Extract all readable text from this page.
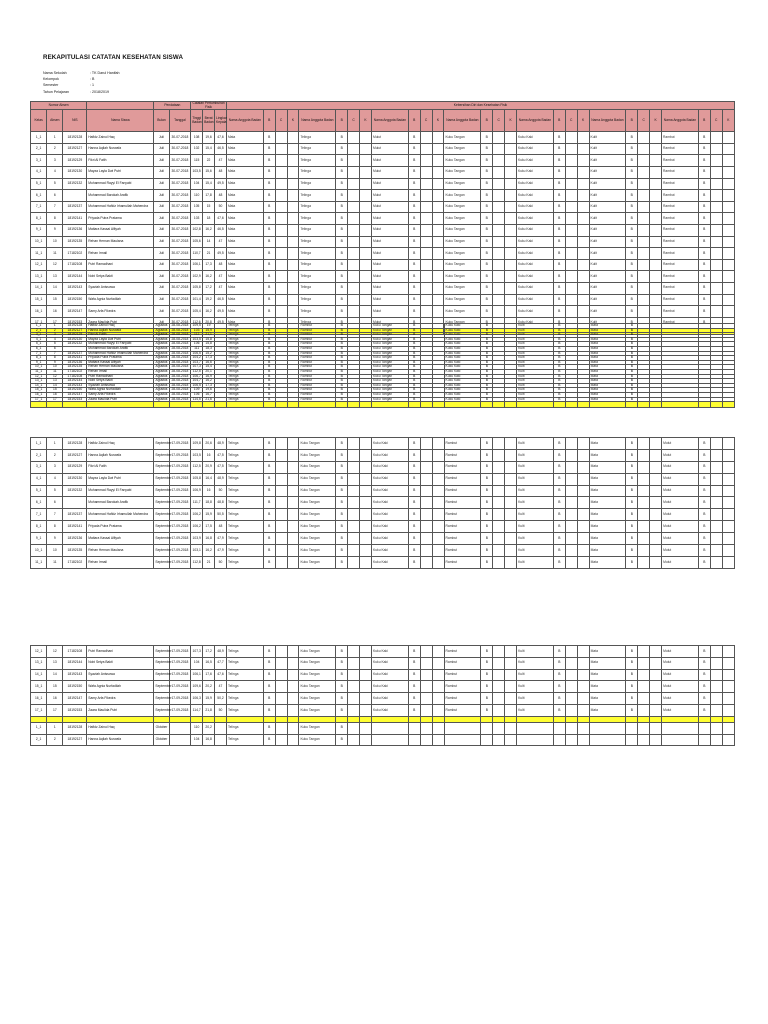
REKAPITULASI CATATAN KESEHATAN SISWA
Nama Sekolah	: TK Darul Hanifah
Kelompok	: B
Semester	: 1
Tahun Pelajaran	: 2018/2019
Nomor Absen				Pendataan		Catatan Pertumbuhan Fisik			Kebersihan Diri dan Kesehatan Fisik																											
Kelas	Absen	NIS	Nama Siswa	Bulan	Tanggal	Tinggi Badan	Berat Badan	Lingkar Kepala	Nama Anggota Badan	B	C	K	Nama Anggota Badan	B	C	K	Nama Anggota Badan	B	C	K	Nama Anggota Badan	B	C	K	Nama Anggota Badan	B	C	K	Nama Anggota Badan	B	C	K	Nama Anggota Badan	B	C	K
1_1	1	18192128	Hafidz Zainul Haq	Juli	30-07-2018	108	19,6	47,6	Mata	B			Telinga	B			Mulut	B			Kuku Tangan	B			Kuku Kaki	B			Kulit	B			Rambut	B		
2_1	2	18192127	Hanna Aqilah Nurwafa	Juli	30-07-2018	102	15,4	46,5	Mata	B			Telinga	B			Mulut	B			Kuku Tangan	B			Kuku Kaki	B			Kulit	B			Rambut	B		
3_1	3	18192129	Fikri Al Fatih	Juli	30-07-2018	115	22	47	Mata	B			Telinga	B			Mulut	B			Kuku Tangan	B			Kuku Kaki	B			Kulit	B			Rambut	B		
4_1	4	18192130	Mayza Layla Dwi Putri	Juli	30-07-2018	103,5	15,6	48	Mata	B			Telinga	B			Mulut	B			Kuku Tangan	B			Kuku Kaki	B			Kulit	B			Rambut	B		
5_1	5	18192132	Muhammad Rayyi El Fanyabi	Juli	30-07-2018	104	15,4	49,5	Mata	B			Telinga	B			Mulut	B			Kuku Tangan	B			Kuku Kaki	B			Kulit	B			Rambut	B		
6_1	6		Muhammad Barokah Arafik	Juli	30-07-2018	110	17,8	48	Mata	B			Telinga	B			Mulut	B			Kuku Tangan	B			Kuku Kaki	B			Kulit	B			Rambut	B		
7_1	7	18192137	Muhammad Hafidz Irhamullah Mahendra	Juli	30-07-2018	105	15	50	Mata	B			Telinga	B			Mulut	B			Kuku Tangan	B			Kuku Kaki	B			Kulit	B			Rambut	B		
8_1	8	18192141	Priyada Putra Pratama	Juli	30-07-2018	103	18	47,6	Mata	B			Telinga	B			Mulut	B			Kuku Tangan	B			Kuku Kaki	B			Kulit	B			Rambut	B		
9_1	9	18192136	Maitara Kassai Alfiyah	Juli	30-07-2018	102,8	16,2	46,5	Mata	B			Telinga	B			Mulut	B			Kuku Tangan	B			Kuku Kaki	B			Kulit	B			Rambut	B		
10_1	10	18192135	Rehan Hernan Maulana	Juli	30-07-2018	105,6	14	47	Mata	B			Telinga	B			Mulut	B			Kuku Tangan	B			Kuku Kaki	B			Kulit	B			Rambut	B		
11_1	11	17182102	Rehan Irmail	Juli	30-07-2018	110,7	21	49,5	Mata	B			Telinga	B			Mulut	B			Kuku Tangan	B			Kuku Kaki	B			Kulit	B			Rambut	B		
12_1	12	17182108	Putri Ramadhani	Juli	30-07-2018	106,1	17,3	48	Mata	B			Telinga	B			Mulut	B			Kuku Tangan	B			Kuku Kaki	B			Kulit	B			Rambut	B		
13_1	13	18192144	Nobi Setya Bakti	Juli	30-07-2018	102,9	16,2	47	Mata	B			Telinga	B			Mulut	B			Kuku Tangan	B			Kuku Kaki	B			Kulit	B			Rambut	B		
14_1	14	18192143	Syaziah Anissowa	Juli	30-07-2018	105,8	17,2	47	Mata	B			Telinga	B			Mulut	B			Kuku Tangan	B			Kuku Kaki	B			Kulit	B			Rambut	B		
15_1	15	18192150	Wafa Agnia Nurfadilah	Juli	30-07-2018	101,4	19,2	46,5	Mata	B			Telinga	B			Mulut	B			Kuku Tangan	B			Kuku Kaki	B			Kulit	B			Rambut	B		
16_1	16	18192147	Samy Arfa Fikedra	Juli	30-07-2018	105,4	16,2	49,5	Mata	B			Telinga	B			Mulut	B			Kuku Tangan	B			Kuku Kaki	B			Kulit	B			Rambut	B		
17_1	17	18192153	Zaara Maulida Putri	Juli	30-07-2018	112,6	20,8	49,5	Mata	B			Telinga	B			Mulut	B			Kuku Tangan	B			Kuku Kaki	B			Kulit	B			Rambut	B		

1_1	1	18192128	Hafidz Zainul Haq	Agustus	28-08-2018	109,5	19		Telinga	B			Rambut	B			Kuku Tangan	B			Kuku Kaki	B			Kulit	B			Mata	B						
2_1	2	18192127	Hanna Aqilah Nurwafa	Agustus	28-08-2018	103	15,9		Telinga	B			Rambut	B			Kuku Tangan	B			Kuku Kaki	B			Kulit	B			Mata	B						
3_1	3	18192129	Fikri Al Fatih	Agustus	28-08-2018	112	21,1		Telinga	B			Rambut	B			Kuku Tangan	B			Kuku Kaki	B			Kulit	B			Mata	B						
4_1	4	18192130	Mayza Layla Dwi Putri	Agustus	28-08-2018	103,5	15,8		Telinga	B			Rambut	B			Kuku Tangan	B			Kuku Kaki	B			Kulit	B			Mata	B						
5_1	5	18192132	Muhammad Rayyi El Fanyabi	Agustus	28-08-2018	106	15,8		Telinga	B			Rambut	B			Kuku Tangan	B			Kuku Kaki	B			Kulit	B			Mata	B						
6_1	6		Muhammad Barokah Arafik	Agustus	28-08-2018	111	18,3		Telinga	B			Rambut	B			Kuku Tangan	B			Kuku Kaki	B			Kulit	B			Mata	B						
7_1	7	18192137	Muhammad Hafidz Irhamullah Mahendra	Agustus	28-08-2018	106,5	15,2		Telinga	B			Rambut	B			Kuku Tangan	B			Kuku Kaki	B			Kulit	B			Mata	B						
8_1	8	18192141	Priyada Putra Pratama	Agustus	28-08-2018	104,2	17,3		Telinga	B			Rambut	B			Kuku Tangan	B			Kuku Kaki	B			Kulit	B			Mata	B						
9_1	9	18192136	Maitara Kassai Alfiyah	Agustus	28-08-2018	103,7	16,6		Telinga	B			Rambut	B			Kuku Tangan	B			Kuku Kaki	B			Kulit	B			Mata	B						
10_1	10	18192135	Rehan Hernan Maulana	Agustus	28-08-2018	107,3	15,4		Telinga	B			Rambut	B			Kuku Tangan	B			Kuku Kaki	B			Kulit	B			Mata	B						
11_1	11	17182102	Rehan Irmail	Agustus	28-08-2018	112,5	20,1		Telinga	B			Rambut	B			Kuku Tangan	B			Kuku Kaki	B			Kulit	B			Mata	B						
12_1	12	17182108	Putri Ramadhani	Agustus	28-08-2018	106,7	16,9		Telinga	B			Rambut	B			Kuku Tangan	B			Kuku Kaki	B			Kulit	B			Mata	B						
13_1	13	18192144	Nobi Setya Bakti	Agustus	28-08-2018	104,7	16,2		Telinga	B			Rambut	B			Kuku Tangan	B			Kuku Kaki	B			Kulit	B			Mata	B						
14_1	14	18192143	Syaziah Anissowa	Agustus	28-08-2018	106,5	17,3		Telinga	B			Rambut	B			Kuku Tangan	B			Kuku Kaki	B			Kulit	B			Mata	B						
15_1	15	18192150	Wafa Agnia Nurfadilah	Agustus	28-08-2018	109	19,6		Telinga	B			Rambut	B			Kuku Tangan	B			Kuku Kaki	B			Kulit	B			Mata	B						
16_1	16	18192147	Samy Arfa Fikedra	Agustus	28-08-2018	106	16,7		Telinga	B			Rambut	B			Kuku Tangan	B			Kuku Kaki	B			Kulit	B			Mata	B						
17_1	17	18192153	Zaara Maulida Putri	Agustus	28-08-2018	114,5	21,6		Telinga	B			Rambut	B			Kuku Tangan	B			Kuku Kaki	B			Kulit	B			Mata	B						

1_1	1	18192128	Hafidz Zainul Haq	September	17-09-2018	109,8	20,6	48,9	Telinga	B			Kuku Tangan	B			Kuku Kaki	B			Rambut	B			Kulit	B			Mata	B			Mulut	B		
2_1	2	18192127	Hanna Aqilah Nurwafa	September	17-09-2018	103,5	16	47,5	Telinga	B			Kuku Tangan	B			Kuku Kaki	B			Rambut	B			Kulit	B			Mata	B			Mulut	B		
3_1	3	18192129	Fikri Al Fatih	September	17-09-2018	112,5	20,9	47,5	Telinga	B			Kuku Tangan	B			Kuku Kaki	B			Rambut	B			Kulit	B			Mata	B			Mulut	B		
4_1	4	18192130	Mayza Layla Dwi Putri	September	17-09-2018	105,8	16,4	48,9	Telinga	B			Kuku Tangan	B			Kuku Kaki	B			Rambut	B			Kulit	B			Mata	B			Mulut	B		
5_1	5	18192132	Muhammad Rayyi El Fanyabi	September	17-09-2018	106,9	16	50	Telinga	B			Kuku Tangan	B			Kuku Kaki	B			Rambut	B			Kulit	B			Mata	B			Mulut	B		
6_1	6		Muhammad Barokah Arafik	September	17-09-2018	111,7	18,8	48,8	Telinga	B			Kuku Tangan	B			Kuku Kaki	B			Rambut	B			Kulit	B			Mata	B			Mulut	B		
7_1	7	18192137	Muhammad Hafidz Irhamullah Mahendra	September	17-09-2018	106,2	15,9	50,5	Telinga	B			Kuku Tangan	B			Kuku Kaki	B			Rambut	B			Kulit	B			Mata	B			Mulut	B		
8_1	8	18192141	Priyada Putra Pratama	September	17-09-2018	106,2	17,5	48	Telinga	B			Kuku Tangan	B			Kuku Kaki	B			Rambut	B			Kulit	B			Mata	B			Mulut	B		
9_1	9	18192136	Maitara Kassai Alfiyah	September	17-09-2018	103,9	16,8	47,9	Telinga	B			Kuku Tangan	B			Kuku Kaki	B			Rambut	B			Kulit	B			Mata	B			Mulut	B		
10_1	10	18192135	Rehan Hernan Maulana	September	17-09-2018	103,1	16,2	47,9	Telinga	B			Kuku Tangan	B			Kuku Kaki	B			Rambut	B			Kulit	B			Mata	B			Mulut	B		
11_1	11	17182102	Rehan Irmail	September	17-09-2018	112,8	21	50	Telinga	B			Kuku Tangan	B			Kuku Kaki	B			Rambut	B			Kulit	B			Mata	B			Mulut	B		
12_1	12	17182108	Putri Ramadhani	September	17-09-2018	107,3	17,2	48,9	Telinga	B			Kuku Tangan	B			Kuku Kaki	B			Rambut	B			Kulit	B			Mata	B			Mulut	B		
13_1	13	18192144	Nobi Setya Bakti	September	17-09-2018	104	16,5	47,7	Telinga	B			Kuku Tangan	B			Kuku Kaki	B			Rambut	B			Kulit	B			Mata	B			Mulut	B		
14_1	14	18192143	Syaziah Anissowa	September	17-09-2018	106,1	17,6	47,6	Telinga	B			Kuku Tangan	B			Kuku Kaki	B			Rambut	B			Kulit	B			Mata	B			Mulut	B		
15_1	15	18192150	Wafa Agnia Nurfadilah	September	17-09-2018	109,6	20,2	47	Telinga	B			Kuku Tangan	B			Kuku Kaki	B			Rambut	B			Kulit	B			Mata	B			Mulut	B		
16_1	16	18192147	Samy Arfa Fikedra	September	17-09-2018	106,3	15,9	50,2	Telinga	B			Kuku Tangan	B			Kuku Kaki	B			Rambut	B			Kulit	B			Mata	B			Mulut	B		
17_1	17	18192153	Zaara Maulida Putri	September	17-09-2018	114,7	21,8	50	Telinga	B			Kuku Tangan	B			Kuku Kaki	B			Rambut	B			Kulit	B			Mata	B			Mulut	B		

1_1	1	18192128	Hafidz Zainul Haq	Oktober		110	20,2		Telinga	B			Kuku Tangan	B																						
2_1	2	18192127	Hanna Aqilah Nurwafa	Oktober		104	16,8		Telinga	B			Kuku Tangan	B																						
